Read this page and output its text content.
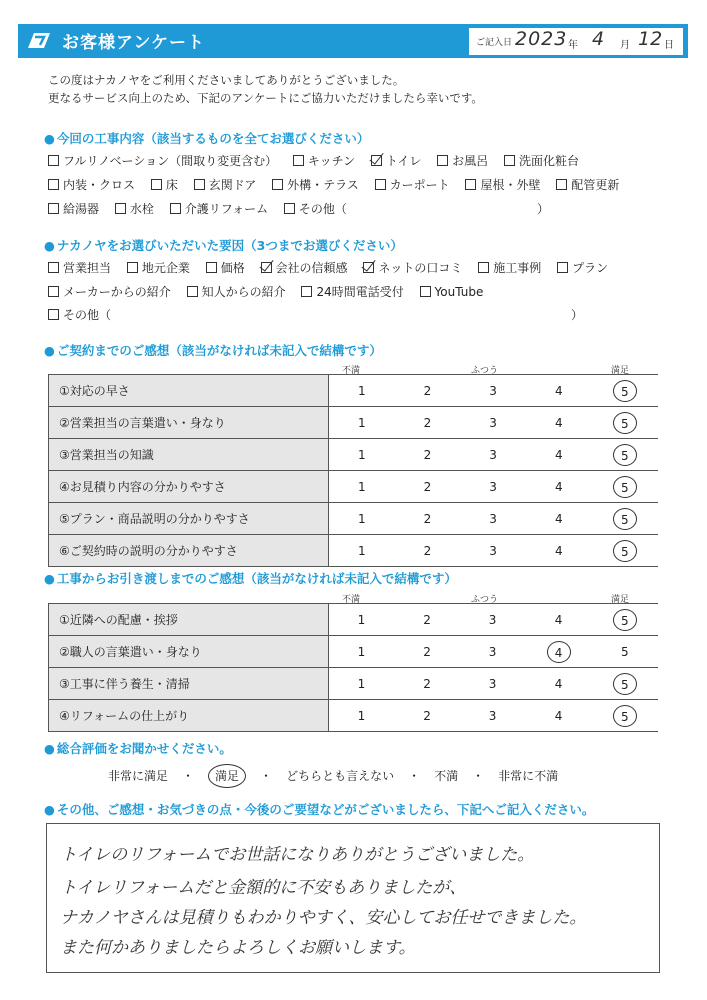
お客様アンケート	ご記入日 2023 年 4 月 12 日
この度はナカノヤをご利用くださいましてありがとうございました。
更なるサービス向上のため、下記のアンケートにご協力いただけましたら幸いです。
● 今回の工事内容（該当するものを全てお選びください）
フルリノベーション（間取り変更含む）
	キッチン
	トイレ
	お風呂
	洗面化粧台
内装・クロス
	床
	玄関ドア
	外構・テラス
	カーポート
	屋根・外壁
	配管更新
給湯器
	水栓
	介護リフォーム
	その他（	）
● ナカノヤをお選びいただいた要因（3つまでお選びください）
営業担当
	地元企業
	価格
	会社の信頼感
	ネットの口コミ
	施工事例
	プラン
メーカーからの紹介
	知人からの紹介
	24時間電話受付
	YouTube
その他（	）
● ご契約までのご感想（該当がなければ未記入で結構です）
不満	ふつう	満足
①対応の早さ	1	2	3	4	5
②営業担当の言葉遣い・身なり	1	2	3	4	5
③営業担当の知識	1	2	3	4	5
④お見積り内容の分かりやすさ	1	2	3	4	5
⑤プラン・商品説明の分かりやすさ	1	2	3	4	5
⑥ご契約時の説明の分かりやすさ	1	2	3	4	5
● 工事からお引き渡しまでのご感想（該当がなければ未記入で結構です）
不満	ふつう	満足
①近隣への配慮・挨拶	1	2	3	4	5
②職人の言葉遣い・身なり	1	2	3	4	5
③工事に伴う養生・清掃	1	2	3	4	5
④リフォームの仕上がり	1	2	3	4	5
● 総合評価をお聞かせください。
非常に満足 ・ 満足 ・ どちらとも言えない ・ 不満 ・ 非常に不満
● その他、ご感想・お気づきの点・今後のご要望などがございましたら、下記へご記入ください。
トイレのリフォームでお世話になりありがとうございました。
トイレリフォームだと金額的に不安もありましたが、
ナカノヤさんは見積りもわかりやすく、安心してお任せできました。
また何かありましたらよろしくお願いします。
